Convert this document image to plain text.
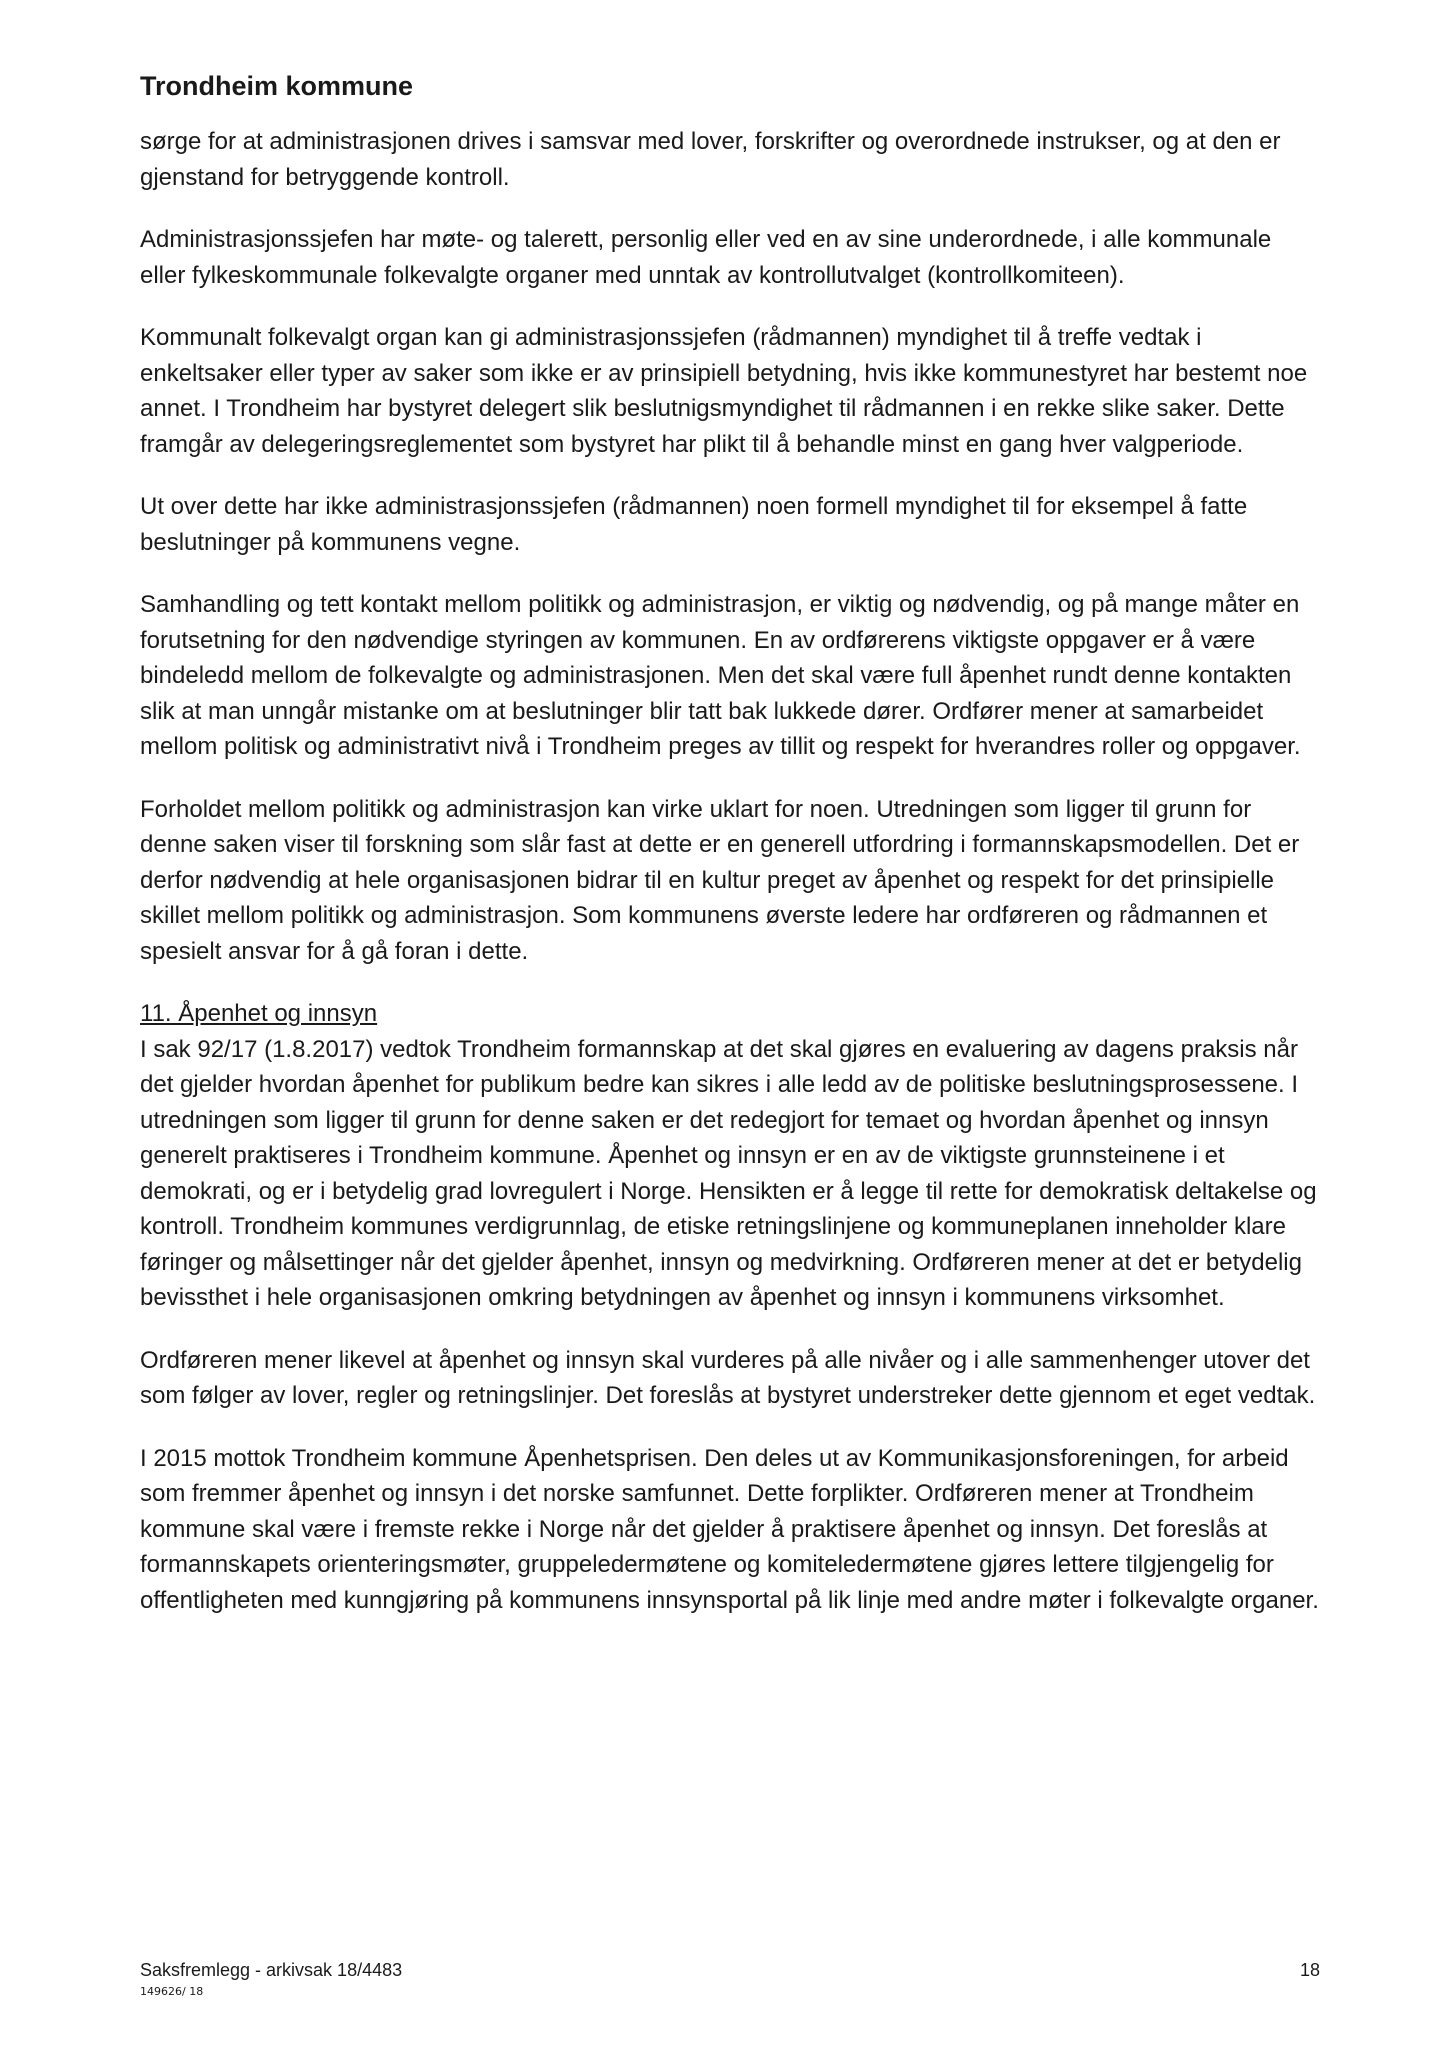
Trondheim kommune

sørge for at administrasjonen drives i samsvar med lover, forskrifter og overordnede instrukser, og at den er gjenstand for betryggende kontroll.

Administrasjonssjefen har møte- og talerett, personlig eller ved en av sine underordnede, i alle kommunale eller fylkeskommunale folkevalgte organer med unntak av kontrollutvalget (kontrollkomiteen).

Kommunalt folkevalgt organ kan gi administrasjonssjefen (rådmannen) myndighet til å treffe vedtak i enkeltsaker eller typer av saker som ikke er av prinsipiell betydning, hvis ikke kommunestyret har bestemt noe annet. I Trondheim har bystyret delegert slik beslutnigsmyndighet til rådmannen i en rekke slike saker. Dette framgår av delegeringsreglementet som bystyret har plikt til å behandle minst en gang hver valgperiode.

Ut over dette har ikke administrasjonssjefen (rådmannen) noen formell myndighet til for eksempel å fatte beslutninger på kommunens vegne.

Samhandling og tett kontakt mellom politikk og administrasjon, er viktig og nødvendig, og på mange måter en forutsetning for den nødvendige styringen av kommunen. En av ordførerens viktigste oppgaver er å være bindeledd mellom de folkevalgte og administrasjonen. Men det skal være full åpenhet rundt denne kontakten slik at man unngår mistanke om at beslutninger blir tatt bak lukkede dører. Ordfører mener at samarbeidet mellom politisk og administrativt nivå i Trondheim preges av tillit og respekt for hverandres roller og oppgaver.

Forholdet mellom politikk og administrasjon kan virke uklart for noen. Utredningen som ligger til grunn for denne saken viser til forskning som slår fast at dette er en generell utfordring i formannskapsmodellen. Det er derfor nødvendig at hele organisasjonen bidrar til en kultur preget av åpenhet og respekt for det prinsipielle skillet mellom politikk og administrasjon. Som kommunens øverste ledere har ordføreren og rådmannen et spesielt ansvar for å gå foran i dette.

11. Åpenhet og innsyn

I sak 92/17 (1.8.2017) vedtok Trondheim formannskap at det skal gjøres en evaluering av dagens praksis når det gjelder hvordan åpenhet for publikum bedre kan sikres i alle ledd av de politiske beslutningsprosessene. I utredningen som ligger til grunn for denne saken er det redegjort for temaet og hvordan åpenhet og innsyn generelt praktiseres i Trondheim kommune. Åpenhet og innsyn er en av de viktigste grunnsteinene i et demokrati, og er i betydelig grad lovregulert i Norge. Hensikten er å legge til rette for demokratisk deltakelse og kontroll. Trondheim kommunes verdigrunnlag, de etiske retningslinjene og kommuneplanen inneholder klare føringer og målsettinger når det gjelder åpenhet, innsyn og medvirkning. Ordføreren mener at det er betydelig bevissthet i hele organisasjonen omkring betydningen av åpenhet og innsyn i kommunens virksomhet.

Ordføreren mener likevel at åpenhet og innsyn skal vurderes på alle nivåer og i alle sammenhenger utover det som følger av lover, regler og retningslinjer. Det foreslås at bystyret understreker dette gjennom et eget vedtak.

I 2015 mottok Trondheim kommune Åpenhetsprisen. Den deles ut av Kommunikasjonsforeningen, for arbeid som fremmer åpenhet og innsyn i det norske samfunnet. Dette forplikter. Ordføreren mener at Trondheim kommune skal være i fremste rekke i Norge når det gjelder å praktisere åpenhet og innsyn. Det foreslås at formannskapets orienteringsmøter, gruppeledermøtene og komiteledermøtene gjøres lettere tilgjengelig for offentligheten med kunngjøring på kommunens innsynsportal på lik linje med andre møter i folkevalgte organer.

Saksfremlegg - arkivsak 18/4483	18
149626/ 18
